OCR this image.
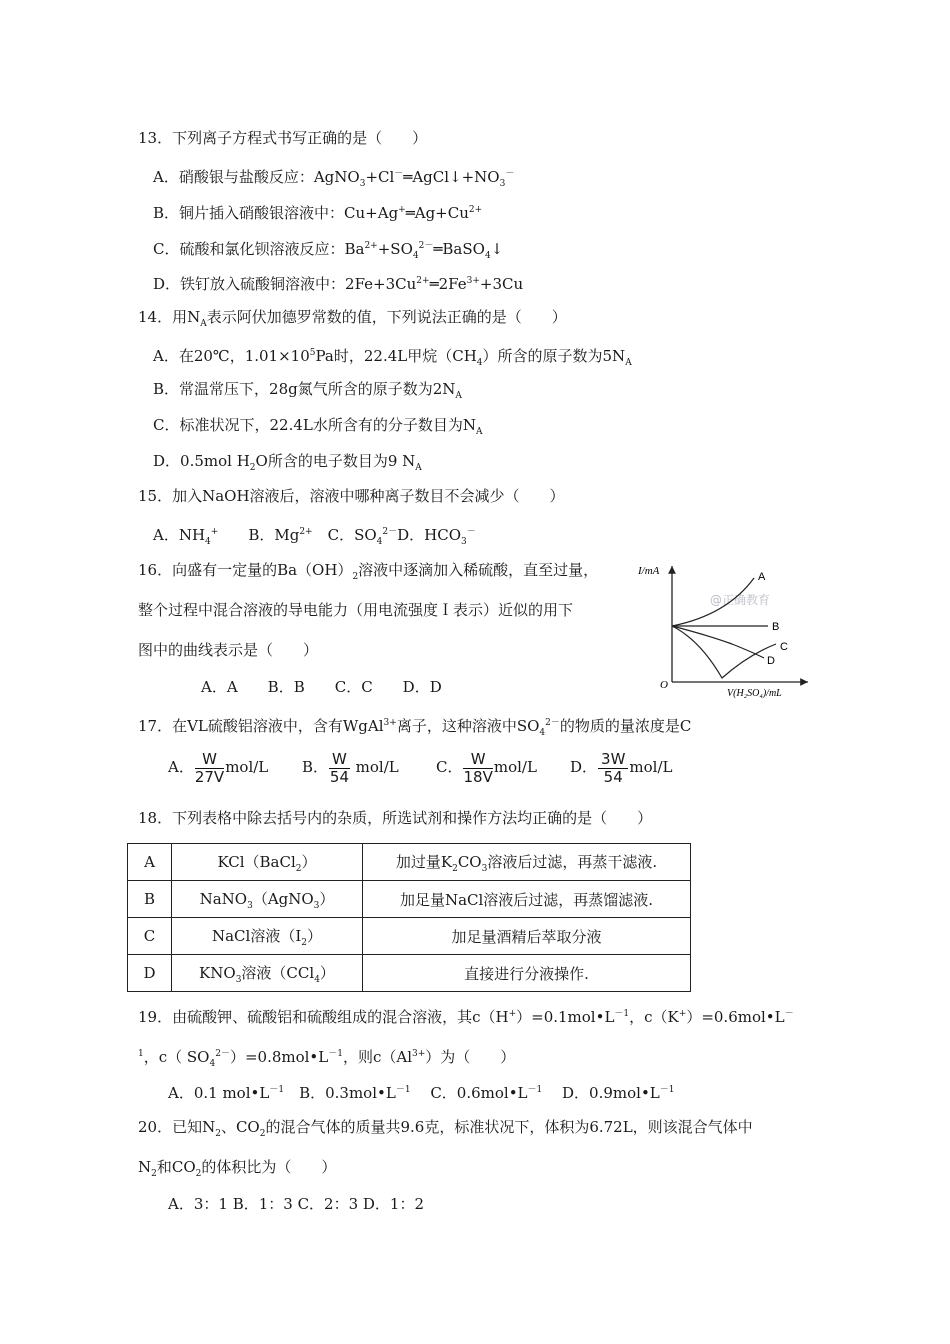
13．下列离子方程式书写正确的是（　　）
A．硝酸银与盐酸反应：$AgNO_3+Cl^-═AgCl↓+NO_3^-$
B．铜片插入硝酸银溶液中：$Cu+Ag^+═Ag+Cu^{2+}$
C．硫酸和氯化钡溶液反应：$Ba^{2+}+SO_4^{2-}═BaSO_4↓$
D．铁钉放入硫酸铜溶液中：$2Fe+3Cu^{2+}═2Fe^{3+}+3Cu$
14．用$N_A$表示阿伏加德罗常数的值，下列说法正确的是（　　）
A．在20℃，$1.01\times 10^5Pa$时，22.4L甲烷$(CH_4)$所含的原子数为$5N_A$
B．常温常压下，28g氮气所含的原子数为$2N_A$
C．标准状况下，22.4L水所含有的分子数目为$N_A$
D．0.5mol $H_2O$所含的电子数目为9 $N_A$
15．加入NaOH溶液后，溶液中哪种离子数目不会减少（　　）
A．$NH_4^+$　　B．$Mg^{2+}$　C．$SO_4^{2-}D$．$HCO_3^-$
16．向盛有一定量的$Ba(OH)_2$溶液中逐滴加入稀硫酸，直至过量，
整个过程中混合溶液的导电能力（用电流强度Ｉ表示）近似的用下
图中的曲线表示是（　　）
A．A　　B．B　　C．C　　D．D
I/mA
O
V(H₂SO₄)/mL
@正确教育
A
B
C
D
17．在VL硫酸铝溶液中，含有WgAl$^{3+}$离子，这种溶液中$SO_4^{2-}$的物质的量浓度是C
A． $\frac{W}{27V} mol/L$ B． $\frac{W}{54} mol/L$ C． $\frac{W}{18V} mol/L$ D． $\frac{3W}{54} mol/L$
18．下列表格中除去括号内的杂质，所选试剂和操作方法均正确的是（　　）
A	KCl（BaCl$_2$）	加过量$K_2CO_3$溶液后过滤，再蒸干滤液.
B	NaNO$_3$（AgNO$_3$）	加足量NaCl溶液后过滤，再蒸馏滤液.
C	NaCl溶液$(I_2)$	加足量酒精后萃取分液
D	$KNO_3$溶液（CCl$_4$）	直接进行分液操作.
19．由硫酸钾、硫酸铝和硫酸组成的混合溶液，其$c(H^+)=0.1mol•L^{-1}$，c（K+）=0.6mol•L－
$^1$，c（ $SO_4^{2-})=0.8mol•L^{-1}$，则$c(Al^{3+})$为（　　）
A．0.1 $mol•L^{-1}$　B．$0.3mol•L^{-1}$　 C．$0.6mol•L^{-1}$　 D．$0.9mol•L^{-1}$
20．已知$N_2$、$CO_2$的混合气体的质量共9.6克，标准状况下，体积为6.72L，则该混合气体中
$N_2$和$CO_2$的体积比为（　　）
A．3：1 B．1：3 C．2：3 D．1：2
